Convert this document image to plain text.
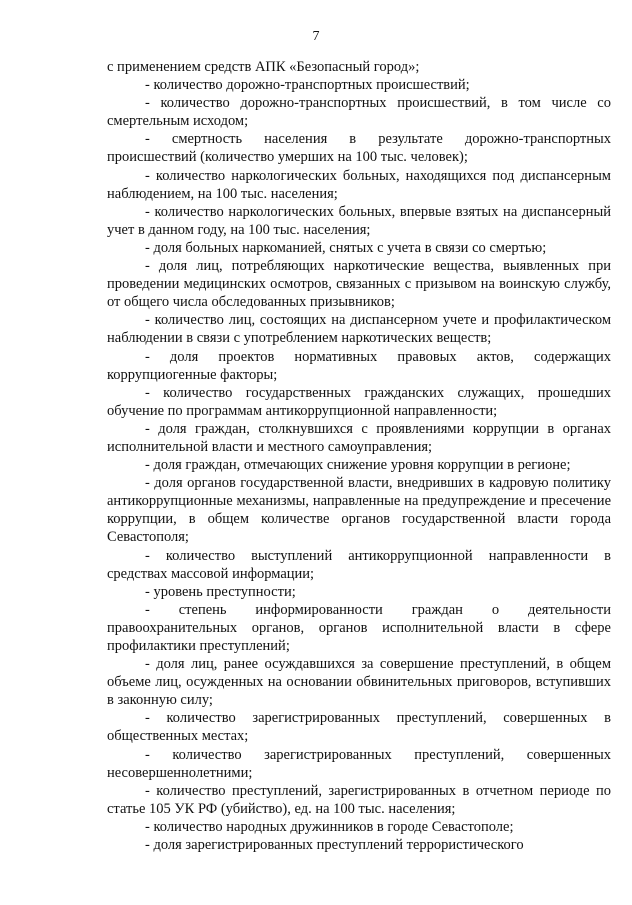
7

с применением средств АПК «Безопасный город»;

- количество дорожно-транспортных происшествий;

- количество дорожно-транспортных происшествий, в том числе со смертельным исходом;

- смертность населения в результате дорожно-транспортных происшествий (количество умерших на 100 тыс. человек);

- количество наркологических больных, находящихся под диспансерным наблюдением, на 100 тыс. населения;

- количество наркологических больных, впервые взятых на диспансерный учет в данном году, на 100 тыс. населения;

- доля больных наркоманией, снятых с учета в связи со смертью;

- доля лиц, потребляющих наркотические вещества, выявленных при проведении медицинских осмотров, связанных с призывом на воинскую службу, от общего числа обследованных призывников;

- количество лиц, состоящих на диспансерном учете и профилактическом наблюдении в связи с употреблением наркотических веществ;

- доля проектов нормативных правовых актов, содержащих коррупциогенные факторы;

- количество государственных гражданских служащих, прошедших обучение по программам антикоррупционной направленности;

- доля граждан, столкнувшихся с проявлениями коррупции в органах исполнительной власти и местного самоуправления;

- доля граждан, отмечающих снижение уровня коррупции в регионе;

- доля органов государственной власти, внедривших в кадровую политику антикоррупционные механизмы, направленные на предупреждение и пресечение коррупции, в общем количестве органов государственной власти города Севастополя;

- количество выступлений антикоррупционной направленности в средствах массовой информации;

- уровень преступности;

- степень информированности граждан о деятельности правоохранительных органов, органов исполнительной власти в сфере профилактики преступлений;

- доля лиц, ранее осуждавшихся за совершение преступлений, в общем объеме лиц, осужденных на основании обвинительных приговоров, вступивших в законную силу;

- количество зарегистрированных преступлений, совершенных в общественных местах;

- количество зарегистрированных преступлений, совершенных несовершеннолетними;

- количество преступлений, зарегистрированных в отчетном периоде по статье 105 УК РФ (убийство), ед. на 100 тыс. населения;

- количество народных дружинников в городе Севастополе;

- доля зарегистрированных преступлений террористического
